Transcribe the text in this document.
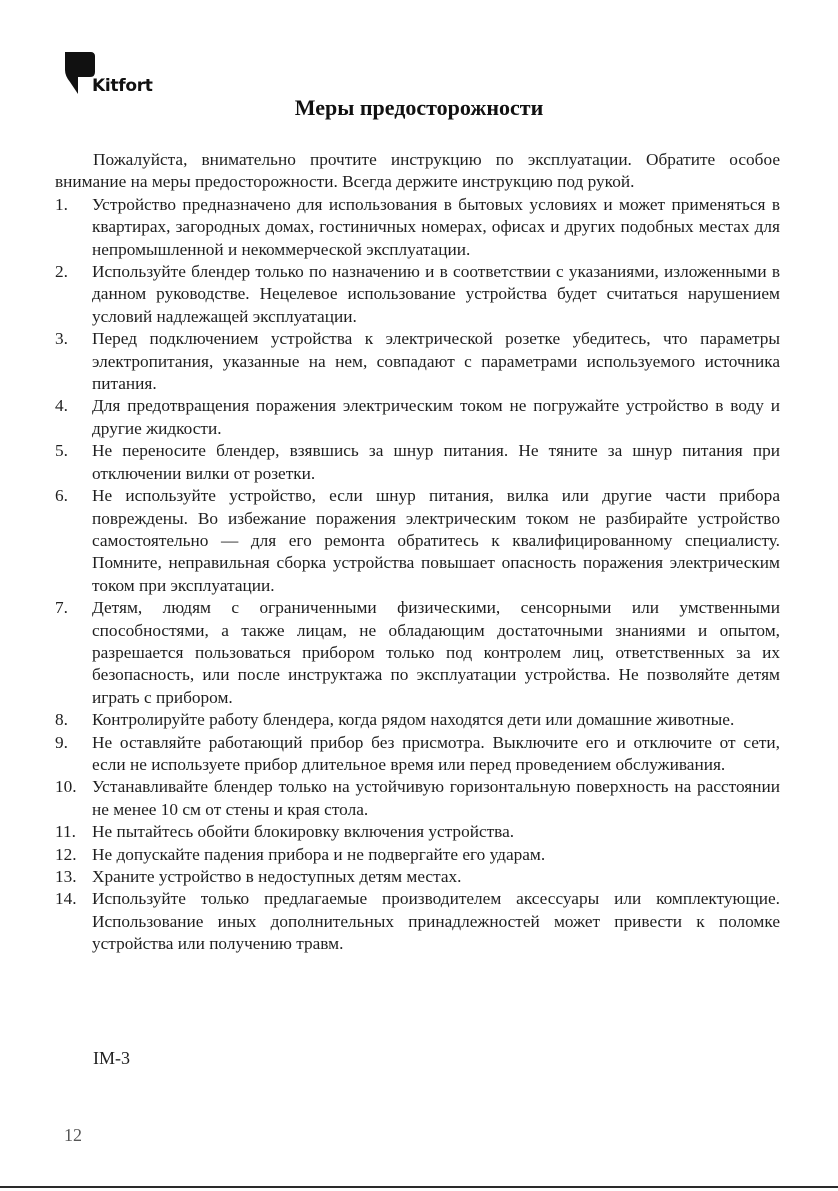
Kitfort
Меры предосторожности

Пожалуйста, внимательно прочтите инструкцию по эксплуатации. Обратите особое внимание на меры предосторожности. Всегда держите инструкцию под рукой.

1. Устройство предназначено для использования в бытовых условиях и может применяться в квартирах, загородных домах, гостиничных номерах, офисах и других подобных местах для непромышленной и некоммерческой эксплуатации.
2. Используйте блендер только по назначению и в соответствии с указаниями, изложенными в данном руководстве. Нецелевое использование устройства будет считаться нарушением условий надлежащей эксплуатации.
3. Перед подключением устройства к электрической розетке убедитесь, что параметры электропитания, указанные на нем, совпадают с параметрами используемого источника питания.
4. Для предотвращения поражения электрическим током не погружайте устройство в воду и другие жидкости.
5. Не переносите блендер, взявшись за шнур питания. Не тяните за шнур питания при отключении вилки от розетки.
6. Не используйте устройство, если шнур питания, вилка или другие части прибора повреждены. Во избежание поражения электрическим током не разбирайте устройство самостоятельно — для его ремонта обратитесь к квалифицированному специалисту. Помните, неправильная сборка устройства повышает опасность поражения электрическим током при эксплуатации.
7. Детям, людям с ограниченными физическими, сенсорными или умственными способностями, а также лицам, не обладающим достаточными знаниями и опытом, разрешается пользоваться прибором только под контролем лиц, ответственных за их безопасность, или после инструктажа по эксплуатации устройства. Не позволяйте детям играть с прибором.
8. Контролируйте работу блендера, когда рядом находятся дети или домашние животные.
9. Не оставляйте работающий прибор без присмотра. Выключите его и отключите от сети, если не используете прибор длительное время или перед проведением обслуживания.
10. Устанавливайте блендер только на устойчивую горизонтальную поверхность на расстоянии не менее 10 см от стены и края стола.
11. Не пытайтесь обойти блокировку включения устройства.
12. Не допускайте падения прибора и не подвергайте его ударам.
13. Храните устройство в недоступных детям местах.
14. Используйте только предлагаемые производителем аксессуары или комплектующие. Использование иных дополнительных принадлежностей может привести к поломке устройства или получению травм.
IM-3
12
